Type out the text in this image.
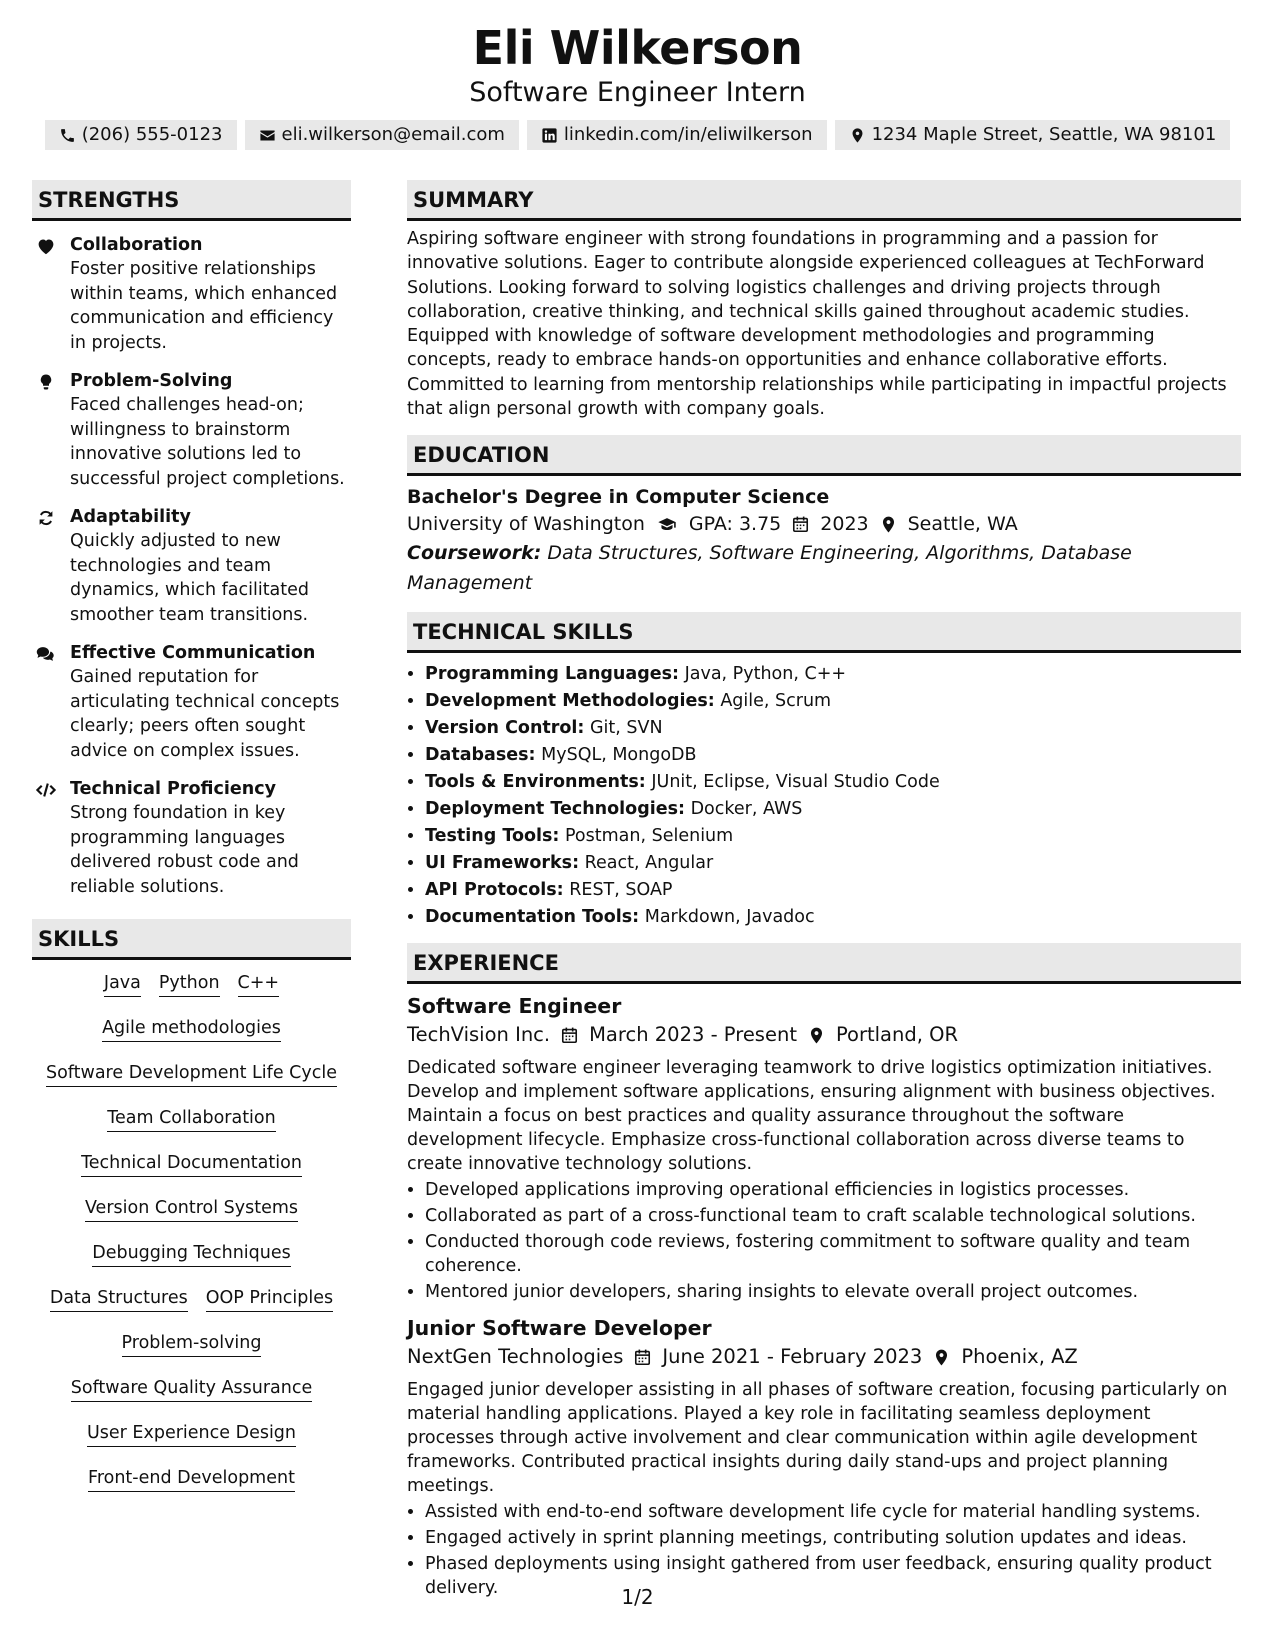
Eli Wilkerson
Software Engineer Intern
(206) 555-0123	eli.wilkerson@email.com	linkedin.com/in/eliwilkerson	1234 Maple Street, Seattle, WA 98101
STRENGTHS
Collaboration
Foster positive relationships within teams, which enhanced communication and efficiency in projects.
Problem-Solving
Faced challenges head-on; willingness to brainstorm innovative solutions led to successful project completions.
Adaptability
Quickly adjusted to new technologies and team dynamics, which facilitated smoother team transitions.
Effective Communication
Gained reputation for articulating technical concepts clearly; peers often sought advice on complex issues.
Technical Proficiency
Strong foundation in key programming languages delivered robust code and reliable solutions.
SKILLS
Java Python C++
Agile methodologies
Software Development Life Cycle
Team Collaboration
Technical Documentation
Version Control Systems
Debugging Techniques
Data Structures OOP Principles
Problem-solving
Software Quality Assurance
User Experience Design
Front-end Development
SUMMARY
Aspiring software engineer with strong foundations in programming and a passion for innovative solutions. Eager to contribute alongside experienced colleagues at TechForward Solutions. Looking forward to solving logistics challenges and driving projects through collaboration, creative thinking, and technical skills gained throughout academic studies. Equipped with knowledge of software development methodologies and programming concepts, ready to embrace hands-on opportunities and enhance collaborative efforts. Committed to learning from mentorship relationships while participating in impactful projects that align personal growth with company goals.
EDUCATION
Bachelor's Degree in Computer Science
University of Washington GPA: 3.75 2023 Seattle, WA
Coursework: Data Structures, Software Engineering, Algorithms, Database Management
TECHNICAL SKILLS
• Programming Languages: Java, Python, C++
• Development Methodologies: Agile, Scrum
• Version Control: Git, SVN
• Databases: MySQL, MongoDB
• Tools & Environments: JUnit, Eclipse, Visual Studio Code
• Deployment Technologies: Docker, AWS
• Testing Tools: Postman, Selenium
• UI Frameworks: React, Angular
• API Protocols: REST, SOAP
• Documentation Tools: Markdown, Javadoc
EXPERIENCE
Software Engineer
TechVision Inc. March 2023 - Present Portland, OR
Dedicated software engineer leveraging teamwork to drive logistics optimization initiatives. Develop and implement software applications, ensuring alignment with business objectives. Maintain a focus on best practices and quality assurance throughout the software development lifecycle. Emphasize cross-functional collaboration across diverse teams to create innovative technology solutions.
• Developed applications improving operational efficiencies in logistics processes.
• Collaborated as part of a cross-functional team to craft scalable technological solutions.
• Conducted thorough code reviews, fostering commitment to software quality and team coherence.
• Mentored junior developers, sharing insights to elevate overall project outcomes.
Junior Software Developer
NextGen Technologies June 2021 - February 2023 Phoenix, AZ
Engaged junior developer assisting in all phases of software creation, focusing particularly on material handling applications. Played a key role in facilitating seamless deployment processes through active involvement and clear communication within agile development frameworks. Contributed practical insights during daily stand-ups and project planning meetings.
• Assisted with end-to-end software development life cycle for material handling systems.
• Engaged actively in sprint planning meetings, contributing solution updates and ideas.
• Phased deployments using insight gathered from user feedback, ensuring quality product delivery.	1/2
